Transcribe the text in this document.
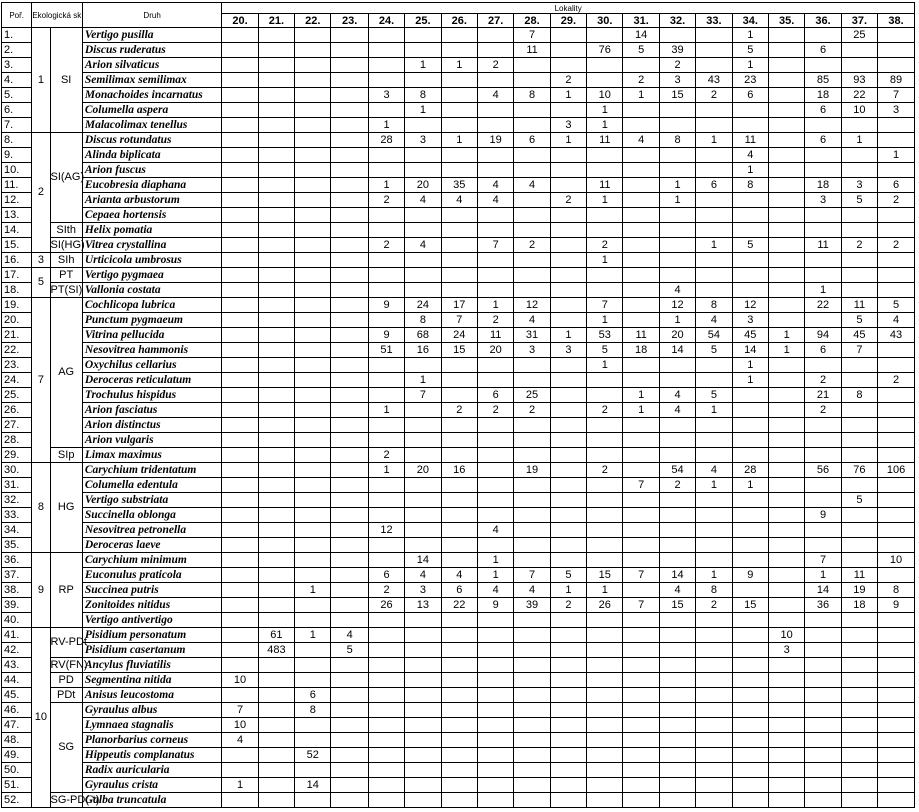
Poř.	Ekologická sk.		Druh	Lokality																		
				20.	21.	22.	23.	24.	25.	26.	27.	28.	29.	30.	31.	32.	33.	34.	35.	36.	37.	38.
1.	1	SI	Vertigo pusilla									7			14			1			25	
2.			Discus ruderatus									11		76	5	39		5		6		
3.			Arion silvaticus						1	1	2					2		1				
4.			Semilimax semilimax										2		2	3	43	23		85	93	89
5.			Monachoides incarnatus					3	8		4	8	1	10	1	15	2	6		18	22	7
6.			Columella aspera						1					1						6	10	3
7.			Malacolimax tenellus					1					3	1								
8.	2	SI(AG)	Discus rotundatus					28	3	1	19	6	1	11	4	8	1	11		6	1	
9.			Alinda biplicata															4				1
10.			Arion fuscus															1				
11.			Eucobresia diaphana					1	20	35	4	4		11		1	6	8		18	3	6
12.			Arianta arbustorum					2	4	4	4		2	1		1				3	5	2
13.			Cepaea hortensis																			
14.		SIth	Helix pomatia																			
15.		SI(HG)	Vitrea crystallina					2	4		7	2		2			1	5		11	2	2
16.	3	SIh	Urticicola umbrosus											1								
17.	5	PT	Vertigo pygmaea																			
18.		PT(SI)	Vallonia costata													4				1		
19.	7	AG	Cochlicopa lubrica					9	24	17	1	12		7		12	8	12		22	11	5
20.			Punctum pygmaeum						8	7	2	4		1		1	4	3			5	4
21.			Vitrina pellucida					9	68	24	11	31	1	53	11	20	54	45	1	94	45	43
22.			Nesovitrea hammonis					51	16	15	20	3	3	5	18	14	5	14	1	6	7	
23.			Oxychilus cellarius											1				1				
24.			Deroceras reticulatum						1									1		2		2
25.			Trochulus hispidus						7		6	25			1	4	5			21	8	
26.			Arion fasciatus					1		2	2	2		2	1	4	1			2		
27.			Arion distinctus																			
28.			Arion vulgaris																			
29.		SIp	Limax maximus					2														
30.	8	HG	Carychium tridentatum					1	20	16		19		2		54	4	28		56	76	106
31.			Columella edentula												7	2	1	1				
32.			Vertigo substriata																		5	
33.			Succinella oblonga																	9		
34.			Nesovitrea petronella					12			4											
35.			Deroceras laeve																			
36.	9	RP	Carychium minimum						14		1									7		10
37.			Euconulus praticola					6	4	4	1	7	5	15	7	14	1	9		1	11	
38.			Succinea putris			1		2	3	6	4	4	1	1		4	8			14	19	8
39.			Zonitoides nitidus					26	13	22	9	39	2	26	7	15	2	15		36	18	9
40.			Vertigo antivertigo																			
41.	10	RV-PDt	Pisidium personatum		61	1	4												10			
42.			Pisidium casertanum		483		5												3			
43.		RV(FN)	Ancylus fluviatilis																			
44.		PD	Segmentina nitida	10																		
45.		PDt	Anisus leucostoma			6																
46.		SG	Gyraulus albus	7		8																
47.			Lymnaea stagnalis	10																		
48.			Planorbarius corneus	4																		
49.			Hippeutis complanatus			52																
50.			Radix auricularia																			
51.			Gyraulus crista	1		14																
52.		SG-PD(-t)	Galba truncatula																			
